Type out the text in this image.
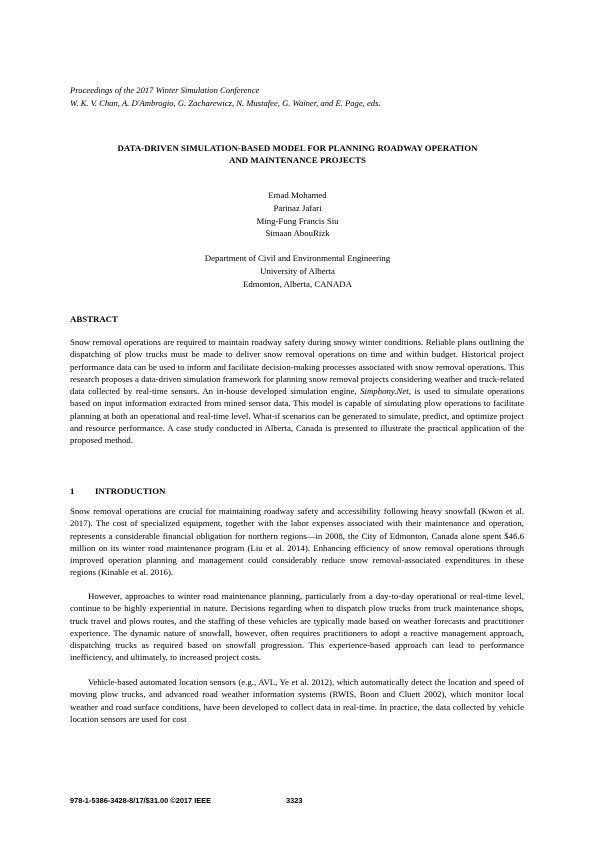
Proceedings of the 2017 Winter Simulation Conference
W. K. V. Chan, A. D'Ambrogio, G. Zacharewicz, N. Mustafee, G. Wainer, and E. Page, eds.
DATA-DRIVEN SIMULATION-BASED MODEL FOR PLANNING ROADWAY OPERATION
AND MAINTENANCE PROJECTS
Emad Mohamed
Parinaz Jafari
Ming-Fung Francis Siu
Simaan AbouRizk
Department of Civil and Environmental Engineering
University of Alberta
Edmonton, Alberta, CANADA
ABSTRACT

Snow removal operations are required to maintain roadway safety during snowy winter conditions. Reliable plans outlining the dispatching of plow trucks must be made to deliver snow removal operations on time and within budget. Historical project performance data can be used to inform and facilitate decision-making processes associated with snow removal operations. This research proposes a data-driven simulation framework for planning snow removal projects considering weather and truck-related data collected by real-time sensors. An in-house developed simulation engine, Simphony.Net, is used to simulate operations based on input information extracted from mined sensor data. This model is capable of simulating plow operations to facilitate planning at both an operational and real-time level. What-if scenarios can be generated to simulate, predict, and optimize project and resource performance. A case study conducted in Alberta, Canada is presented to illustrate the practical application of the proposed method.

1 INTRODUCTION

Snow removal operations are crucial for maintaining roadway safety and accessibility following heavy snowfall (Kwon et al. 2017). The cost of specialized equipment, together with the labor expenses associated with their maintenance and operation, represents a considerable financial obligation for northern regions—in 2008, the City of Edmonton, Canada alone spent $46.6 million on its winter road maintenance program (Liu et al. 2014). Enhancing efficiency of snow removal operations through improved operation planning and management could considerably reduce snow removal-associated expenditures in these regions (Kinable et al. 2016).

However, approaches to winter road maintenance planning, particularly from a day-to-day operational or real-time level, continue to be highly experiential in nature. Decisions regarding when to dispatch plow trucks from truck maintenance shops, truck travel and plows routes, and the staffing of these vehicles are typically made based on weather forecasts and practitioner experience. The dynamic nature of snowfall, however, often requires practitioners to adopt a reactive management approach, dispatching trucks as required based on snowfall progression. This experience-based approach can lead to performance inefficiency, and ultimately, to increased project costs.

Vehicle-based automated location sensors (e.g., AVL, Ye et al. 2012), which automatically detect the location and speed of moving plow trucks, and advanced road weather information systems (RWIS, Boon and Cluett 2002), which monitor local weather and road surface conditions, have been developed to collect data in real-time. In practice, the data collected by vehicle location sensors are used for cost

978-1-5386-3428-8/17/$31.00 ©2017 IEEE	3323
